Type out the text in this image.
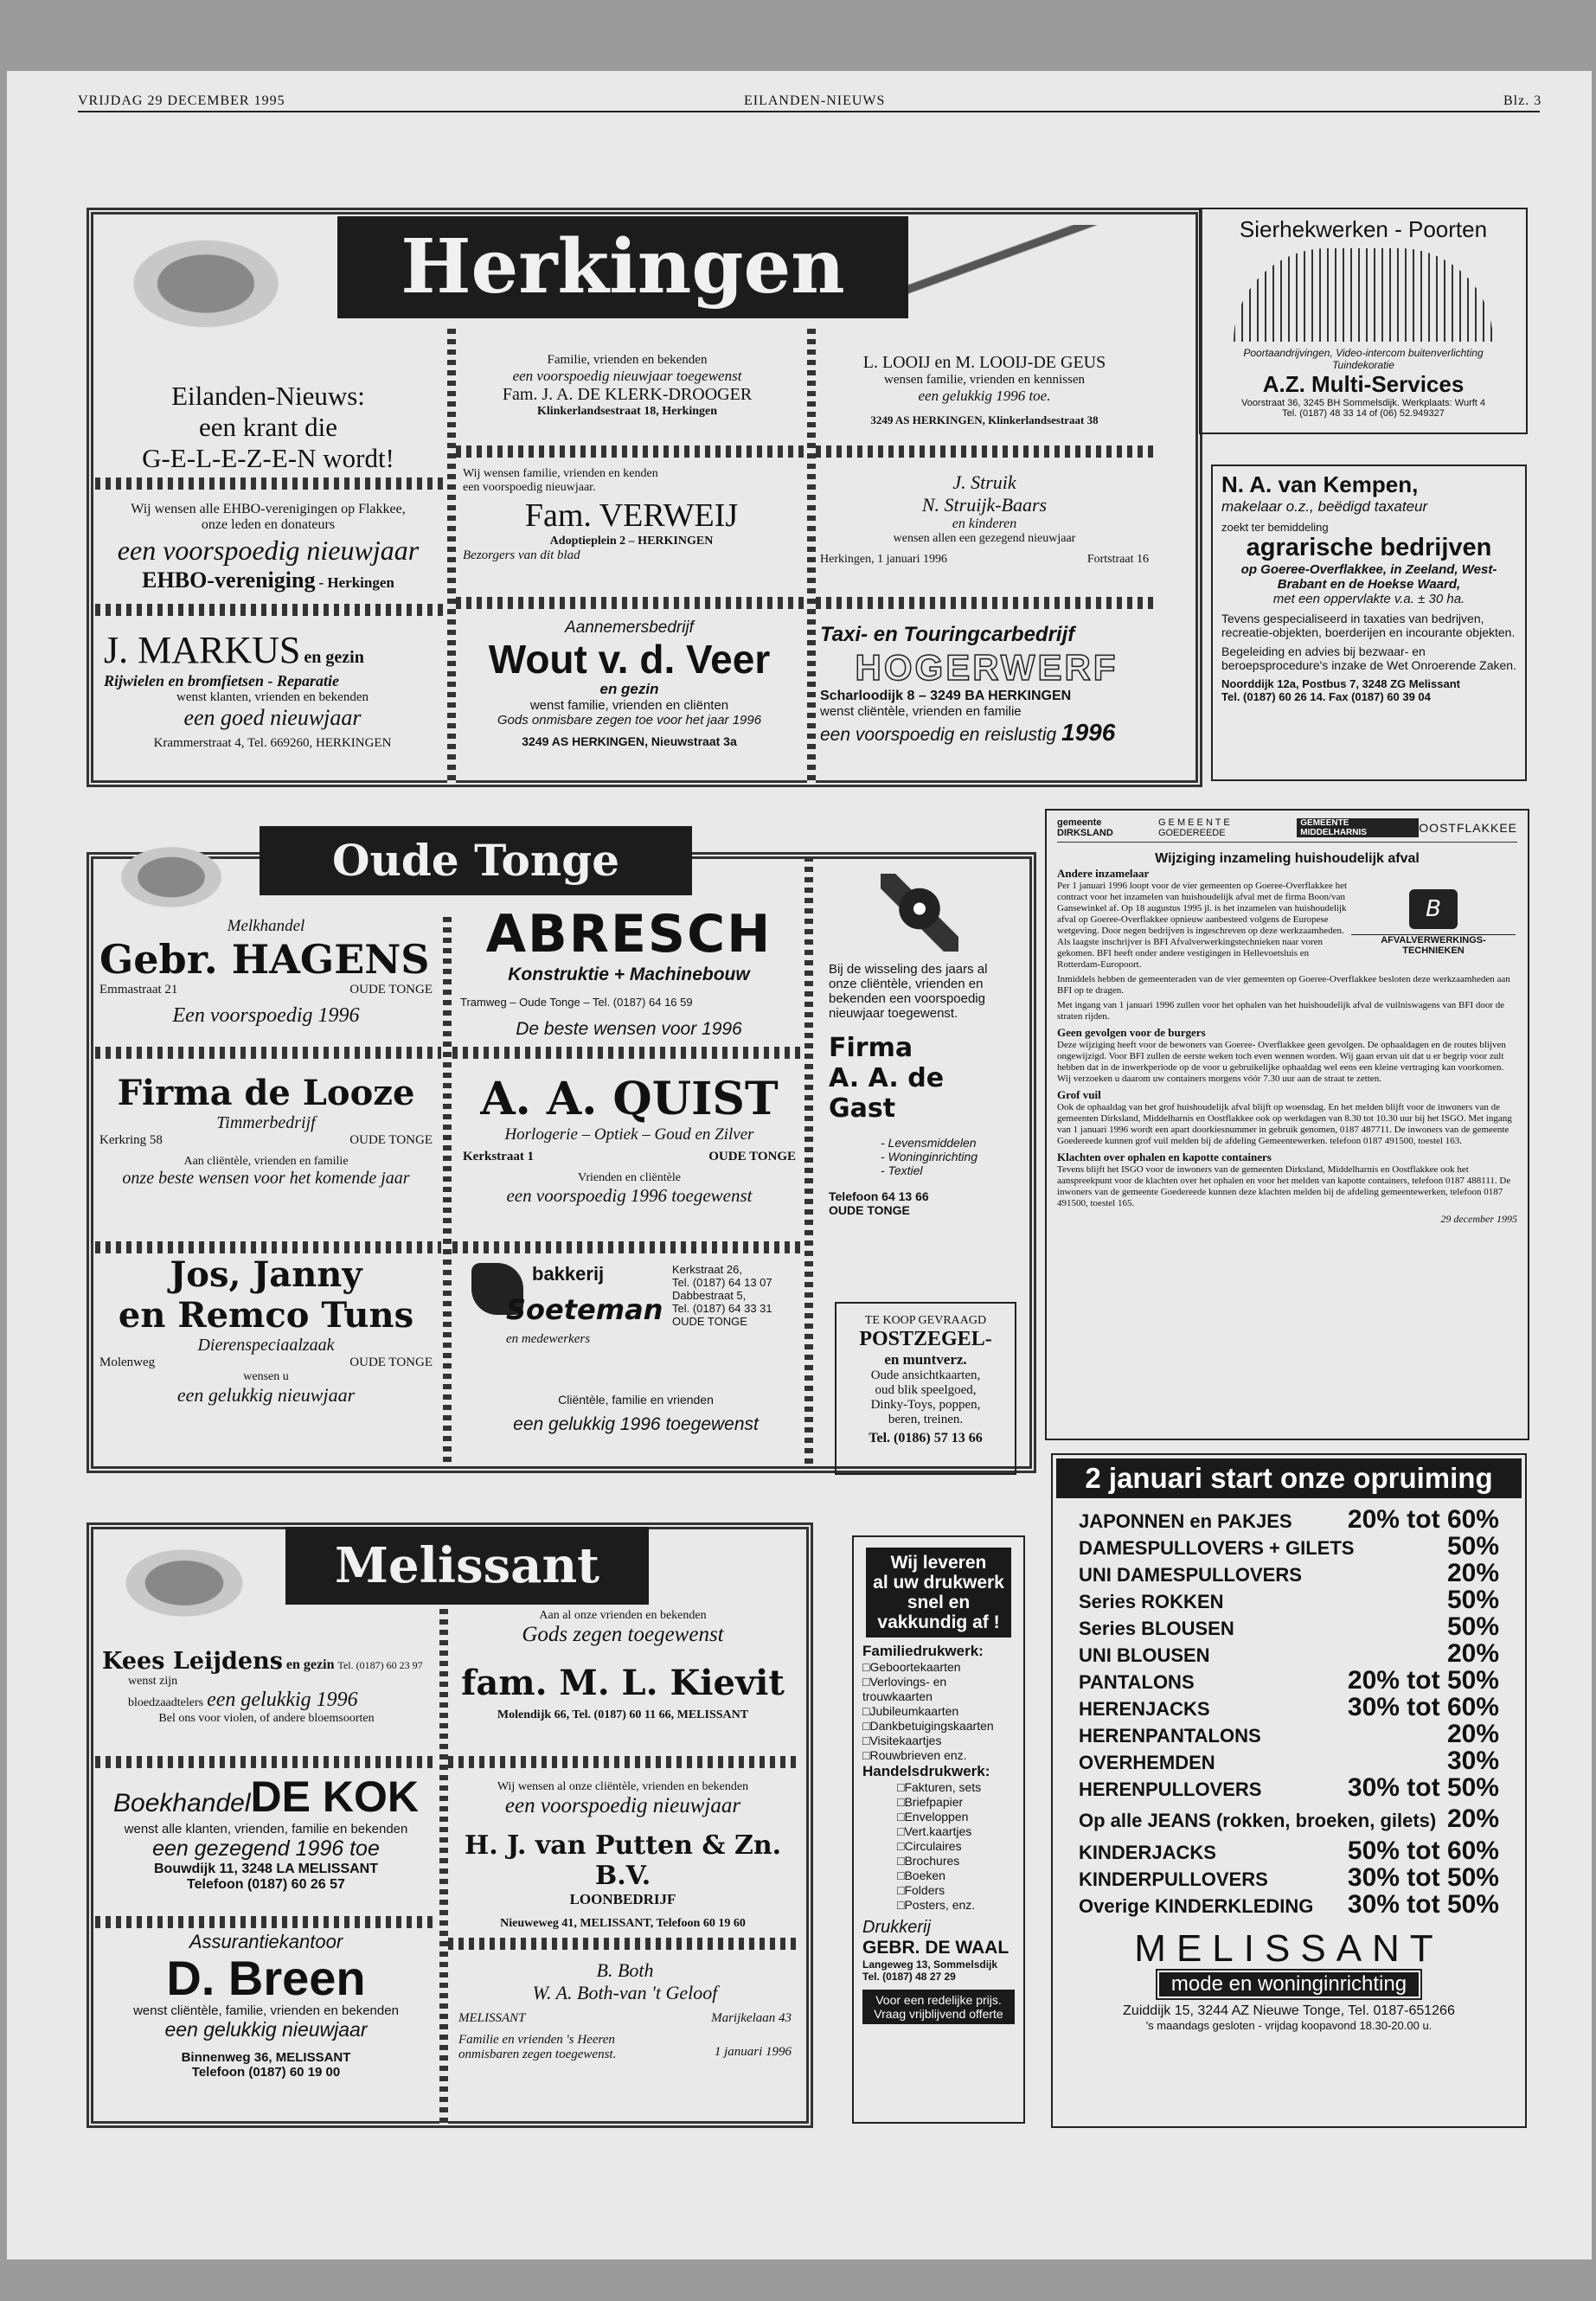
VRIJDAG 29 DECEMBER 1995	EILANDEN-NIEUWS	Blz. 3
Herkingen
Eilanden-Nieuws:
een krant die
G-E-L-E-Z-E-N wordt!
Wij wensen alle EHBO-verenigingen op Flakkee,
onze leden en donateurs
een voorspoedig nieuwjaar
EHBO-vereniging - Herkingen
J. MARKUS en gezin
Rijwielen en bromfietsen - Reparatie
wenst klanten, vrienden en bekenden
een goed nieuwjaar
Krammerstraat 4, Tel. 669260, HERKINGEN
Familie, vrienden en bekenden
een voorspoedig nieuwjaar toegewenst
Fam. J. A. DE KLERK-DROOGER
Klinkerlandsestraat 18, Herkingen
Wij wensen familie, vrienden en kenden
een voorspoedig nieuwjaar.
Fam. VERWEIJ
Adoptieplein 2 – HERKINGEN
Bezorgers van dit blad
Aannemersbedrijf
Wout v. d. Veer
en gezin
wenst familie, vrienden en cliënten
Gods onmisbare zegen toe voor het jaar 1996
3249 AS HERKINGEN, Nieuwstraat 3a
L. LOOIJ en M. LOOIJ-DE GEUS
wensen familie, vrienden en kennissen
een gelukkig 1996 toe.
3249 AS HERKINGEN, Klinkerlandsestraat 38
J. Struik
N. Struijk-Baars
en kinderen
wensen allen een gezegend nieuwjaar
Herkingen, 1 januari 1996	Fortstraat 16
Taxi- en Touringcarbedrijf
HOGERWERF
Scharloodijk 8 – 3249 BA HERKINGEN
wenst cliëntèle, vrienden en familie
een voorspoedig en reislustig 1996
Sierhekwerken - Poorten
Poortaandrijvingen, Video-intercom buitenverlichting
Tuindekoratie
A.Z. Multi-Services
Voorstraat 36, 3245 BH Sommelsdijk. Werkplaats: Wurft 4
Tel. (0187) 48 33 14 of (06) 52.949327
N. A. van Kempen,
makelaar o.z., beëdigd taxateur
zoekt ter bemiddeling
agrarische bedrijven
op Goeree-Overflakkee, in Zeeland, West-Brabant en de Hoekse Waard,
met een oppervlakte v.a. ± 30 ha.
Tevens gespecialiseerd in taxaties van bedrijven, recreatie-objekten, boerderijen en incourante objekten.
Begeleiding en advies bij bezwaar- en beroepsprocedure's inzake de Wet Onroerende Zaken.
Noorddijk 12a, Postbus 7, 3248 ZG Melissant
Tel. (0187) 60 26 14. Fax (0187) 60 39 04
Oude Tonge
Melkhandel
Gebr. HAGENS
Emmastraat 21	OUDE TONGE
Een voorspoedig 1996
Firma de Looze
Timmerbedrijf
Kerkring 58	OUDE TONGE
Aan cliëntèle, vrienden en familie
onze beste wensen voor het komende jaar
Jos, Janny
en Remco Tuns
Dierenspeciaalzaak
Molenweg	OUDE TONGE
wensen u
een gelukkig nieuwjaar
ABRESCH
Konstruktie + Machinebouw
Tramweg – Oude Tonge – Tel. (0187) 64 16 59
De beste wensen voor 1996
A. A. QUIST
Horlogerie – Optiek – Goud en Zilver
Kerkstraat 1	OUDE TONGE
Vrienden en cliëntèle
een voorspoedig 1996 toegewenst
bakkerij
Soeteman
en medewerkers
Kerkstraat 26,
Tel. (0187) 64 13 07
Dabbestraat 5,
Tel. (0187) 64 33 31
OUDE TONGE
Cliëntèle, familie en vrienden
een gelukkig 1996 toegewenst
Bij de wisseling des jaars al onze cliëntèle, vrienden en bekenden een voorspoedig nieuwjaar toegewenst.
Firma
A. A. de Gast
- Levensmiddelen
- Woninginrichting
- Textiel
Telefoon 64 13 66
OUDE TONGE
TE KOOP GEVRAAGD
POSTZEGEL-
en muntverz.
Oude ansichtkaarten,
oud blik speelgoed,
Dinky-Toys, poppen,
beren, treinen.
Tel. (0186) 57 13 66
gemeente DIRKSLAND
G E M E E N T E GOEDEREEDE
GEMEENTE MIDDELHARNIS	OOSTFLAKKEE
Wijziging inzameling huishoudelijk afval
Andere inzamelaar
Per 1 januari 1996 loopt voor de vier gemeenten op Goeree-Overflakkee het contract voor het inzamelen van huishoudelijk afval met de firma Boon/van Gansewinkel af. Op 18 augustus 1995 jl. is het inzamelen van huishoudelijk afval op Goeree-Overflakkee opnieuw aanbesteed volgens de Europese wetgeving. Door negen bedrijven is ingeschreven op deze werkzaamheden. Als laagste inschrijver is BFI Afvalverwerkingstechnieken naar voren gekomen. BFI heeft onder andere vestigingen in Hellevoetsluis en Rotterdam-Europoort.
B
AFVALVERWERKINGS-TECHNIEKEN
Inmiddels hebben de gemeenteraden van de vier gemeenten op Goeree-Overflakkee besloten deze werkzaamheden aan BFI op te dragen.
Met ingang van 1 januari 1996 zullen voor het ophalen van het huishoudelijk afval de vuilniswagens van BFI door de straten rijden.
Geen gevolgen voor de burgers
Deze wijziging heeft voor de bewoners van Goeree- Overflakkee geen gevolgen. De ophaaldagen en de routes blijven ongewijzigd. Voor BFI zullen de eerste weken toch even wennen worden. Wij gaan ervan uit dat u er begrip voor zult hebben dat in de inwerkperiode op de voor u gebruikelijke ophaaldag wel eens een kleine vertraging kan voorkomen. Wij verzoeken u daarom uw containers morgens vóór 7.30 uur aan de straat te zetten.
Grof vuil
Ook de ophaaldag van het grof huishoudelijk afval blijft op woensdag. En het melden blijft voor de inwoners van de gemeenten Dirksland, Middelharnis en Oostflakkee ook op werkdagen van 8.30 tot 10.30 uur bij het ISGO. Met ingang van 1 januari 1996 wordt een apart doorkiesnummer in gebruik genomen, 0187 487711. De inwoners van de gemeente Goedereede kunnen grof vuil melden bij de afdeling Gemeentewerken. telefoon 0187 491500, toestel 163.
Klachten over ophalen en kapotte containers
Tevens blijft het ISGO voor de inwoners van de gemeenten Dirksland, Middelharnis en Oostflakkee ook het aanspreekpunt voor de klachten over het ophalen en voor het melden van kapotte containers, telefoon 0187 488111. De inwoners van de gemeente Goedereede kunnen deze klachten melden bij de afdeling gemeentewerken, telefoon 0187 491500, toestel 165.
29 december 1995
Melissant
Kees Leijdens en gezin Tel. (0187) 60 23 97
wenst zijn
bloedzaadtelers een gelukkig 1996
Bel ons voor violen, of andere bloemsoorten
BoekhandelDE KOK
wenst alle klanten, vrienden, familie en bekenden
een gezegend 1996 toe
Bouwdijk 11, 3248 LA MELISSANT
Telefoon (0187) 60 26 57
Assurantiekantoor
D. Breen
wenst cliëntèle, familie, vrienden en bekenden
een gelukkig nieuwjaar
Binnenweg 36, MELISSANT
Telefoon (0187) 60 19 00
Aan al onze vrienden en bekenden
Gods zegen toegewenst
fam. M. L. Kievit
Molendijk 66, Tel. (0187) 60 11 66, MELISSANT
Wij wensen al onze cliëntèle, vrienden en bekenden
een voorspoedig nieuwjaar
H. J. van Putten & Zn. B.V.
LOONBEDRIJF
Nieuweweg 41, MELISSANT, Telefoon 60 19 60
B. Both
W. A. Both-van 't Geloof
MELISSANT	Marijkelaan 43
Familie en vrienden 's Heeren onmisbaren zegen toegewenst.	1 januari 1996
Wij leveren
al uw drukwerk
snel en
vakkundig af !
Familiedrukwerk:
□ Geboortekaarten
□ Verlovings- en trouwkaarten
□ Jubileumkaarten
□ Dankbetuigingskaarten
□ Visitekaartjes
□ Rouwbrieven enz.
Handelsdrukwerk:
□ Fakturen, sets
□ Briefpapier
□ Enveloppen
□ Vert.kaartjes
□ Circulaires
□ Brochures
□ Boeken
□ Folders
□ Posters, enz.
Drukkerij
GEBR. DE WAAL
Langeweg 13, Sommelsdijk
Tel. (0187) 48 27 29
Voor een redelijke prijs. Vraag vrijblijvend offerte
2 januari start onze opruiming
JAPONNEN en PAKJES 20% tot 60%
DAMESPULLOVERS + GILETS	50%
UNI DAMESPULLOVERS	20%
Series ROKKEN	50%
Series BLOUSEN	50%
UNI BLOUSEN	20%
PANTALONS	20% tot 50%
HERENJACKS	30% tot 60%
HERENPANTALONS	20%
OVERHEMDEN	30%
HERENPULLOVERS	30% tot 50%
Op alle JEANS (rokken, broeken, gilets) 20%
KINDERJACKS	50% tot 60%
KINDERPULLOVERS	30% tot 50%
Overige KINDERKLEDING 30% tot 50%
MELISSANT
mode en woninginrichting
Zuiddijk 15, 3244 AZ Nieuwe Tonge, Tel. 0187-651266
's maandags gesloten - vrijdag koopavond 18.30-20.00 u.
